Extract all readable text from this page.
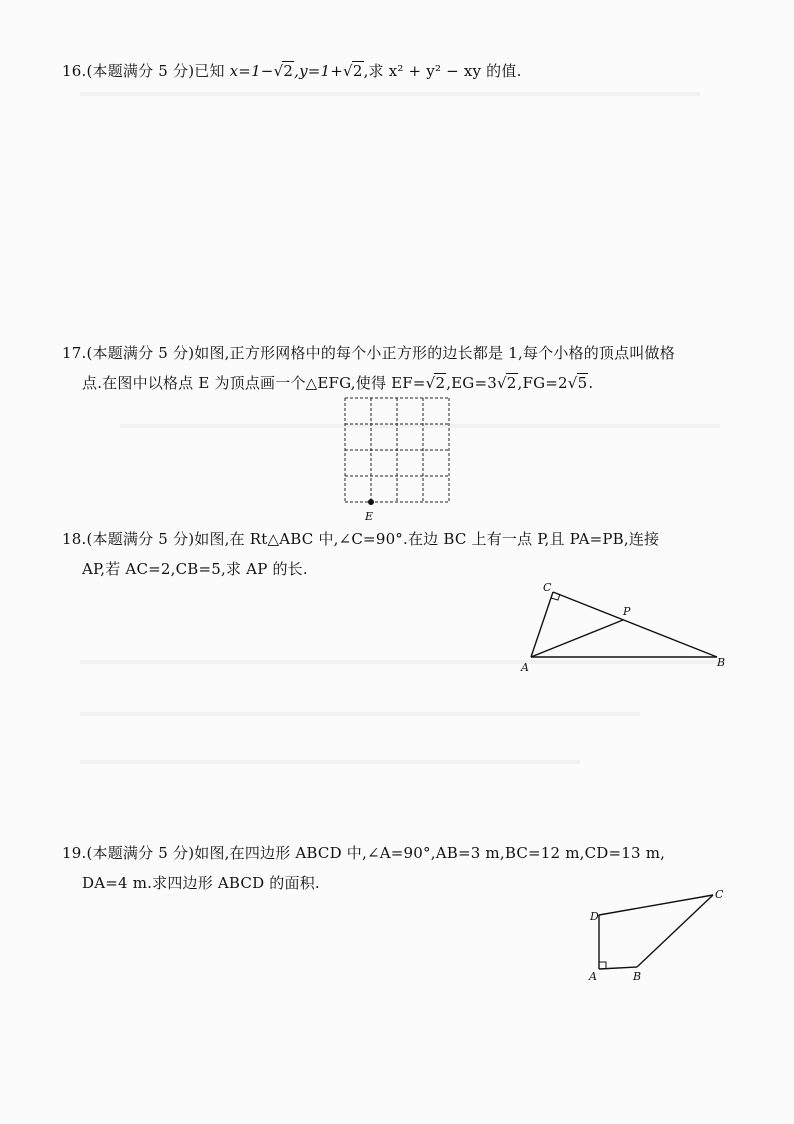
16.(本题满分 5 分)已知 x=1−√2,y=1+√2,求 x² + y² − xy 的值.
17.(本题满分 5 分)如图,正方形网格中的每个小正方形的边长都是 1,每个小格的顶点叫做格
点.在图中以格点 E 为顶点画一个△EFG,使得 EF=√2,EG=3√2,FG=2√5.
E
18.(本题满分 5 分)如图,在 Rt△ABC 中,∠C=90°.在边 BC 上有一点 P,且 PA=PB,连接
AP,若 AC=2,CB=5,求 AP 的长.
C
P
A	B
19.(本题满分 5 分)如图,在四边形 ABCD 中,∠A=90°,AB=3 m,BC=12 m,CD=13 m,
DA=4 m.求四边形 ABCD 的面积.
D
C
A	B
